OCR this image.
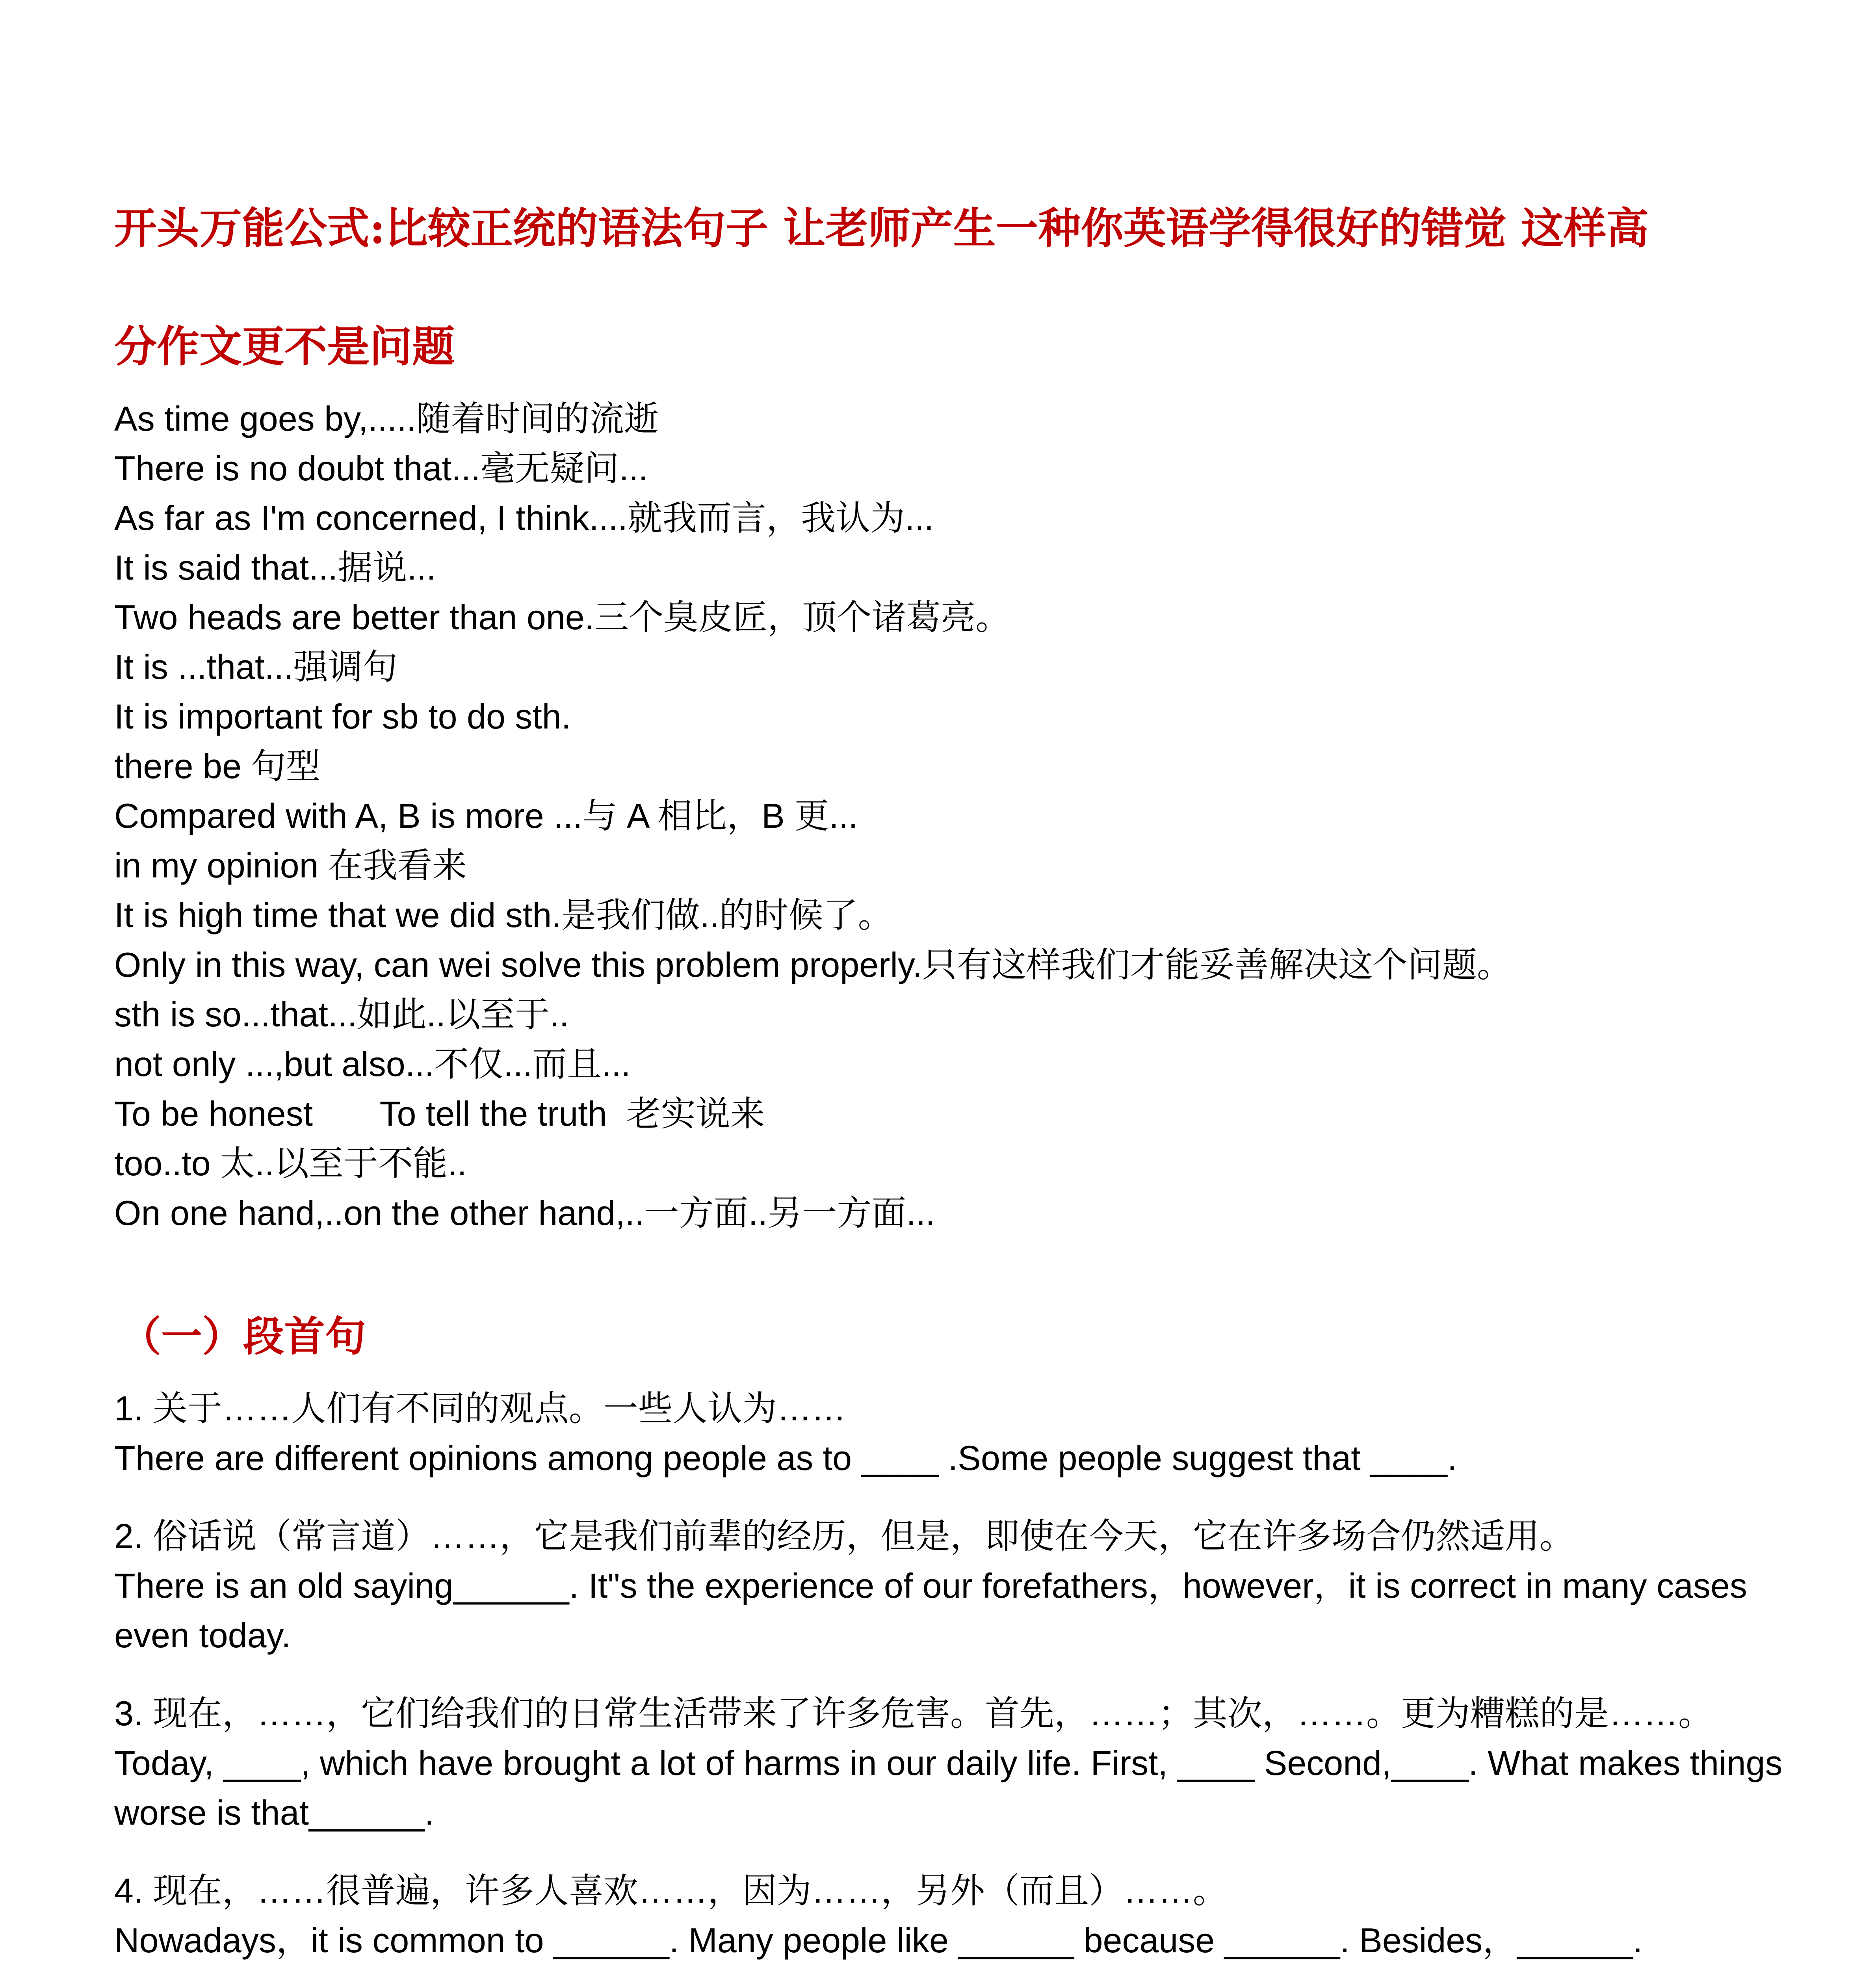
开头万能公式:比较正统的语法句子 让老师产生一种你英语学得很好的错觉 这样高
分作文更不是问题
As time goes by,.....随着时间的流逝
There is no doubt that...毫无疑问...
As far as I'm concerned, I think....就我而言，我认为...
It is said that...据说...
Two heads are better than one.三个臭皮匠，顶个诸葛亮。
It is ...that...强调句
It is important for sb to do sth.
there be 句型
Compared with A, B is more ...与 A 相比，B 更...
in my opinion 在我看来
It is high time that we did sth.是我们做..的时候了。
Only in this way, can wei solve this problem properly.只有这样我们才能妥善解决这个问题。
sth is so...that...如此..以至于..
not only ...,but also...不仅...而且...
To be honest       To tell the truth  老实说来
too..to 太..以至于不能..
On one hand,..on the other hand,..一方面..另一方面...
（一）段首句
1. 关于……人们有不同的观点。一些人认为……
There are different opinions among people as to ____ .Some people suggest that ____.
2. 俗话说（常言道）……，它是我们前辈的经历，但是，即使在今天，它在许多场合仍然适用。
There is an old saying______. It"s the experience of our forefathers，however，it is correct in many cases even today.
3. 现在，……，它们给我们的日常生活带来了许多危害。首先，……；其次，……。更为糟糕的是……。
Today, ____, which have brought a lot of harms in our daily life. First, ____ Second,____. What makes things worse is that______.
4. 现在，……很普遍，许多人喜欢……，因为……，另外（而且）……。
Nowadays，it is common to ______. Many people like ______ because ______. Besides，______.
